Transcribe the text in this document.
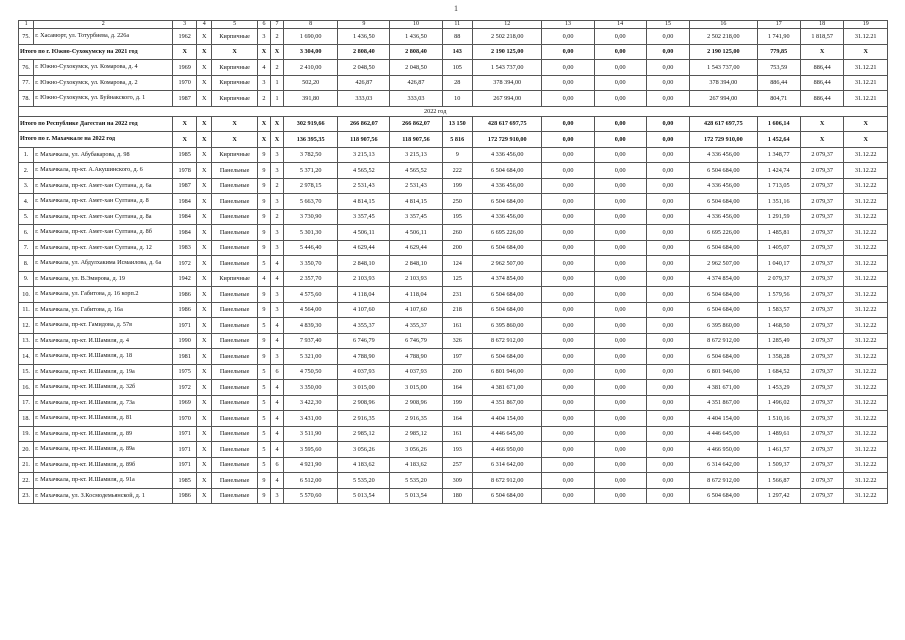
1
1	2	3	4	5	6	7	8	9	10	11	12	13	14	15	16	17	18	19
75.	г. Хасавюрт, ул. Тотурбиева, д. 226а	1962	X	Кирпичные	3	2	1 690,00	1 436,50	1 436,50	88	2 502 218,00	0,00	0,00	0,00	2 502 218,00	1 741,90	1 818,57	31.12.21
Итого по г. Южно-Сухокумску на 2021 год		X	X	X	X	X	3 304,00	2 808,40	2 808,40	143	2 190 125,00	0,00	0,00	0,00	2 190 125,00	779,85	X	X
76.	г. Южно-Сухокумск, ул. Комарова, д. 4	1969	X	Кирпичные	4	2	2 410,00	2 048,50	2 048,50	105	1 543 737,00	0,00	0,00	0,00	1 543 737,00	753,59	886,44	31.12.21
77.	г. Южно-Сухокумск, ул. Комарова, д. 2	1970	X	Кирпичные	3	1	502,20	426,87	426,87	28	378 394,00	0,00	0,00	0,00	378 394,00	886,44	886,44	31.12.21
78.	г. Южно-Сухокумск, ул. Буйнакского, д. 1	1987	X	Кирпичные	2	1	391,80	333,03	333,03	10	267 994,00	0,00	0,00	0,00	267 994,00	804,71	886,44	31.12.21
2022 год																		
Итого по Республике Дагестан на 2022 год		X	X	X	X	X	302 919,66	266 862,07	266 862,07	13 150	428 617 697,75	0,00	0,00	0,00	428 617 697,75	1 606,14	X	X
Итого по г. Махачкале на 2022 год		X	X	X	X	X	136 395,35	118 907,56	118 907,56	5 816	172 729 910,00	0,00	0,00	0,00	172 729 910,00	1 452,64	X	X
1.	г. Махачкала, ул. Абубакарова, д. 98	1985	X	Кирпичные	9	3	3 782,50	3 215,13	3 215,13	9	4 336 456,00	0,00	0,00	0,00	4 336 456,00	1 348,77	2 079,37	31.12.22
2.	г. Махачкала, пр-кт. А.Акушинского, д. 6	1978	X	Панельные	9	3	5 371,20	4 565,52	4 565,52	222	6 504 684,00	0,00	0,00	0,00	6 504 684,00	1 424,74	2 079,37	31.12.22
3.	г. Махачкала, пр-кт. Амет-хан Султана, д. 6а	1987	X	Панельные	9	2	2 978,15	2 531,43	2 531,43	199	4 336 456,00	0,00	0,00	0,00	4 336 456,00	1 713,05	2 079,37	31.12.22
4.	г. Махачкала, пр-кт. Амет-хан Султана, д. 8	1984	X	Панельные	9	3	5 663,70	4 814,15	4 814,15	250	6 504 684,00	0,00	0,00	0,00	6 504 684,00	1 351,16	2 079,37	31.12.22
5.	г. Махачкала, пр-кт. Амет-хан Султана, д. 8а	1984	X	Панельные	9	2	3 730,90	3 357,45	3 357,45	195	4 336 456,00	0,00	0,00	0,00	4 336 456,00	1 291,59	2 079,37	31.12.22
6.	г. Махачкала, пр-кт. Амет-хан Султана, д. 8б	1984	X	Панельные	9	3	5 301,30	4 506,11	4 506,11	260	6 695 226,00	0,00	0,00	0,00	6 695 226,00	1 485,81	2 079,37	31.12.22
7.	г. Махачкала, пр-кт. Амет-хан Султана, д. 12	1983	X	Панельные	9	3	5 446,40	4 629,44	4 629,44	200	6 504 684,00	0,00	0,00	0,00	6 504 684,00	1 405,07	2 079,37	31.12.22
8.	г. Махачкала, ул. Абдулхакима Исмаилова, д. 6а	1972	X	Панельные	5	4	3 350,70	2 848,10	2 848,10	124	2 962 507,00	0,00	0,00	0,00	2 962 507,00	1 040,17	2 079,37	31.12.22
9.	г. Махачкала, ул. В.Эмирова, д. 19	1942	X	Кирпичные	4	4	2 357,70	2 103,93	2 103,93	125	4 374 854,00	0,00	0,00	0,00	4 374 854,00	2 079,37	2 079,37	31.12.22
10.	г. Махачкала, ул. Габитова, д. 16 корп.2	1986	X	Панельные	9	3	4 575,60	4 118,04	4 118,04	231	6 504 684,00	0,00	0,00	0,00	6 504 684,00	1 579,56	2 079,37	31.12.22
11.	г. Махачкала, ул. Габитова, д. 16а	1986	X	Панельные	9	3	4 564,00	4 107,60	4 107,60	218	6 504 684,00	0,00	0,00	0,00	6 504 684,00	1 583,57	2 079,37	31.12.22
12.	г. Махачкала, пр-кт. Гамидова, д. 57в	1971	X	Панельные	5	4	4 839,30	4 355,37	4 355,37	161	6 395 860,00	0,00	0,00	0,00	6 395 860,00	1 468,50	2 079,37	31.12.22
13.	г. Махачкала, пр-кт. И.Шамиля, д. 4	1990	X	Панельные	9	4	7 937,40	6 746,79	6 746,79	326	8 672 912,00	0,00	0,00	0,00	8 672 912,00	1 285,49	2 079,37	31.12.22
14.	г. Махачкала, пр-кт. И.Шамиля, д. 18	1981	X	Панельные	9	3	5 321,00	4 788,90	4 788,90	197	6 504 684,00	0,00	0,00	0,00	6 504 684,00	1 358,28	2 079,37	31.12.22
15.	г. Махачкала, пр-кт. И.Шамиля, д. 19а	1975	X	Панельные	5	6	4 750,50	4 037,93	4 037,93	200	6 801 946,00	0,00	0,00	0,00	6 801 946,00	1 684,52	2 079,37	31.12.22
16.	г. Махачкала, пр-кт. И.Шамиля, д. 32б	1972	X	Панельные	5	4	3 350,00	3 015,00	3 015,00	164	4 381 671,00	0,00	0,00	0,00	4 381 671,00	1 453,29	2 079,37	31.12.22
17.	г. Махачкала, пр-кт. И.Шамиля, д. 73а	1969	X	Панельные	5	4	3 422,30	2 908,96	2 908,96	199	4 351 867,00	0,00	0,00	0,00	4 351 867,00	1 496,02	2 079,37	31.12.22
18.	г. Махачкала, пр-кт. И.Шамиля, д. 81	1970	X	Панельные	5	4	3 431,00	2 916,35	2 916,35	164	4 404 154,00	0,00	0,00	0,00	4 404 154,00	1 510,16	2 079,37	31.12.22
19.	г. Махачкала, пр-кт. И.Шамиля, д. 89	1971	X	Панельные	5	4	3 511,90	2 985,12	2 985,12	161	4 446 645,00	0,00	0,00	0,00	4 446 645,00	1 489,61	2 079,37	31.12.22
20.	г. Махачкала, пр-кт. И.Шамиля, д. 89а	1971	X	Панельные	5	4	3 595,60	3 056,26	3 056,26	193	4 466 950,00	0,00	0,00	0,00	4 466 950,00	1 461,57	2 079,37	31.12.22
21.	г. Махачкала, пр-кт. И.Шамиля, д. 89б	1971	X	Панельные	5	6	4 921,90	4 183,62	4 183,62	257	6 314 642,00	0,00	0,00	0,00	6 314 642,00	1 509,37	2 079,37	31.12.22
22.	г. Махачкала, пр-кт. И.Шамиля, д. 91а	1985	X	Панельные	9	4	6 512,00	5 535,20	5 535,20	309	8 672 912,00	0,00	0,00	0,00	8 672 912,00	1 566,87	2 079,37	31.12.22
23.	г. Махачкала, ул. З.Космодемьянской, д. 1	1986	X	Панельные	9	3	5 570,60	5 013,54	5 013,54	180	6 504 684,00	0,00	0,00	0,00	6 504 684,00	1 297,42	2 079,37	31.12.22
